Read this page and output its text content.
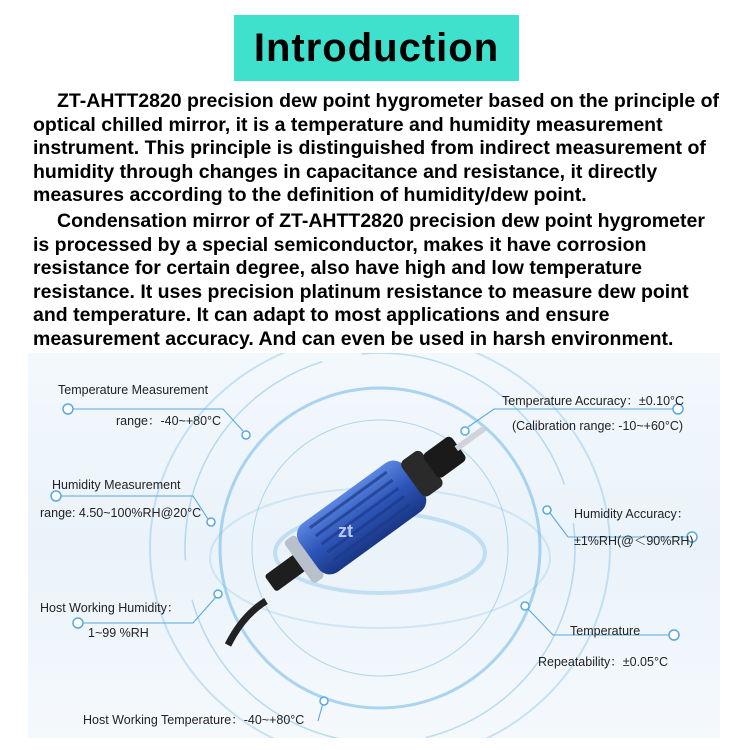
Introduction
ZT-AHTT2820 precision dew point hygrometer based on the principle of optical chilled mirror, it is a temperature and humidity measurement instrument. This principle is distinguished from indirect measurement of humidity through changes in capacitance and resistance, it directly measures according to the definition of humidity/dew point.
Condensation mirror of ZT-AHTT2820 precision dew point hygrometer is processed by a special semiconductor, makes it have corrosion resistance for certain degree, also have high and low temperature resistance. It uses precision platinum resistance to measure dew point and temperature. It can adapt to most applications and ensure measurement accuracy. And can even be used in harsh environment.
zt
Temperature Measurement
range：-40~+80°C
Humidity Measurement
range: 4.50~100%RH@20°C
Host Working Humidity：
1~99 %RH
Host Working Temperature：-40~+80°C
Temperature Accuracy：±0.10°C
(Calibration range: -10~+60°C)
Humidity Accuracy：
±1%RH(@＜90%RH)
Temperature
Repeatability：±0.05°C
